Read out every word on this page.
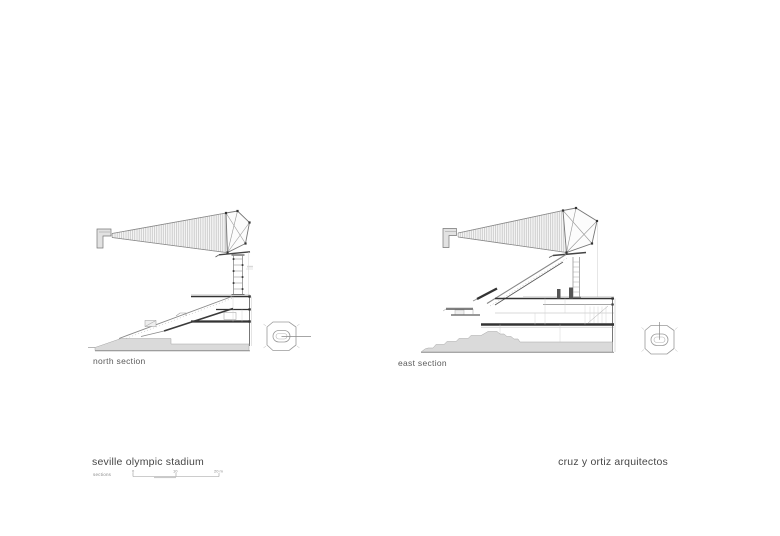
north section	east section
seville olympic stadium
sections
0	10	20 m
cruz y ortiz arquitectos
